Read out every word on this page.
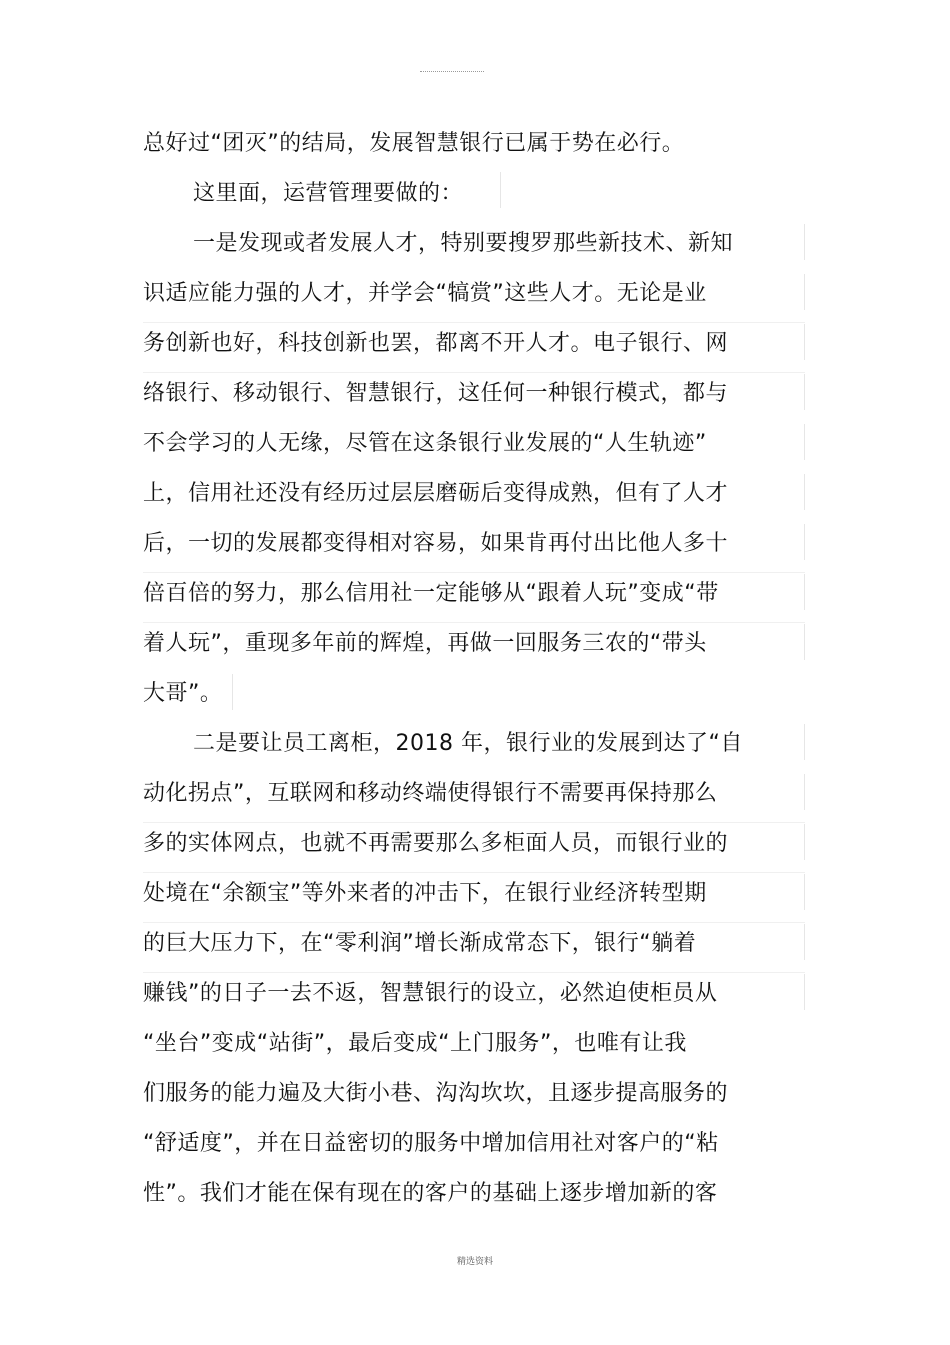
总好过“团灭”的结局，发展智慧银行已属于势在必行。
这里面，运营管理要做的：
一是发现或者发展人才，特别要搜罗那些新技术、新知
识适应能力强的人才，并学会“犒赏”这些人才。无论是业
务创新也好，科技创新也罢，都离不开人才。电子银行、网
络银行、移动银行、智慧银行，这任何一种银行模式，都与
不会学习的人无缘，尽管在这条银行业发展的“人生轨迹”
上，信用社还没有经历过层层磨砺后变得成熟，但有了人才
后，一切的发展都变得相对容易，如果肯再付出比他人多十
倍百倍的努力，那么信用社一定能够从“跟着人玩”变成“带
着人玩”，重现多年前的辉煌，再做一回服务三农的“带头
大哥”。
二是要让员工离柜，2018 年，银行业的发展到达了“自
动化拐点”，互联网和移动终端使得银行不需要再保持那么
多的实体网点，也就不再需要那么多柜面人员，而银行业的
处境在“余额宝”等外来者的冲击下，在银行业经济转型期
的巨大压力下，在“零利润”增长渐成常态下，银行“躺着
赚钱”的日子一去不返，智慧银行的设立，必然迫使柜员从
“坐台”变成“站街”，最后变成“上门服务”，也唯有让我
们服务的能力遍及大街小巷、沟沟坎坎，且逐步提高服务的
“舒适度”，并在日益密切的服务中增加信用社对客户的“粘
性”。我们才能在保有现在的客户的基础上逐步增加新的客
精选资料
